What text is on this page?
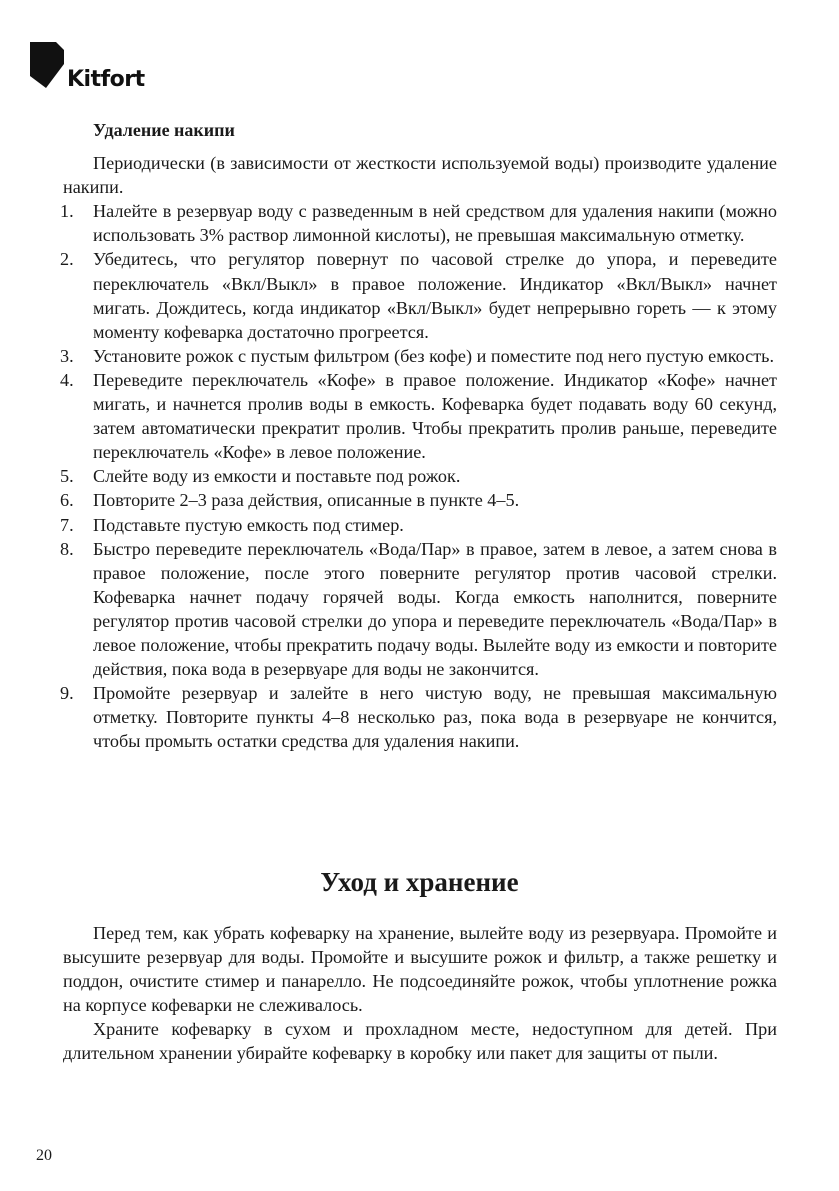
Kitfort
Удаление накипи

Периодически (в зависимости от жесткости используемой воды) производите удаление накипи.

1. Налейте в резервуар воду с разведенным в ней средством для удаления накипи (можно использовать 3% раствор лимонной кислоты), не превышая максимальную отметку.
2. Убедитесь, что регулятор повернут по часовой стрелке до упора, и переведите переключатель «Вкл/Выкл» в правое положение. Индикатор «Вкл/Выкл» начнет мигать. Дождитесь, когда индикатор «Вкл/Выкл» будет непрерывно гореть — к этому моменту кофеварка достаточно прогреется.
3. Установите рожок с пустым фильтром (без кофе) и поместите под него пустую емкость.
4. Переведите переключатель «Кофе» в правое положение. Индикатор «Кофе» начнет мигать, и начнется пролив воды в емкость. Кофеварка будет подавать воду 60 секунд, затем автоматически прекратит пролив. Чтобы прекратить пролив раньше, переведите переключатель «Кофе» в левое положение.
5. Слейте воду из емкости и поставьте под рожок.
6. Повторите 2–3 раза действия, описанные в пункте 4–5.
7. Подставьте пустую емкость под стимер.
8. Быстро переведите переключатель «Вода/Пар» в правое, затем в левое, а затем снова в правое положение, после этого поверните регулятор против часовой стрелки. Кофеварка начнет подачу горячей воды. Когда емкость наполнится, поверните регулятор против часовой стрелки до упора и переведите переключатель «Вода/Пар» в левое положение, чтобы прекратить подачу воды. Вылейте воду из емкости и повторите действия, пока вода в резервуаре для воды не закончится.
9. Промойте резервуар и залейте в него чистую воду, не превышая максимальную отметку. Повторите пункты 4–8 несколько раз, пока вода в резервуаре не кончится, чтобы промыть остатки средства для удаления накипи.
Уход и хранение

Перед тем, как убрать кофеварку на хранение, вылейте воду из резервуара. Промойте и высушите резервуар для воды. Промойте и высушите рожок и фильтр, а также решетку и поддон, очистите стимер и панарелло. Не подсоединяйте рожок, чтобы уплотнение рожка на корпусе кофеварки не слеживалось.

Храните кофеварку в сухом и прохладном месте, недоступном для детей. При длительном хранении убирайте кофеварку в коробку или пакет для защиты от пыли.

20
